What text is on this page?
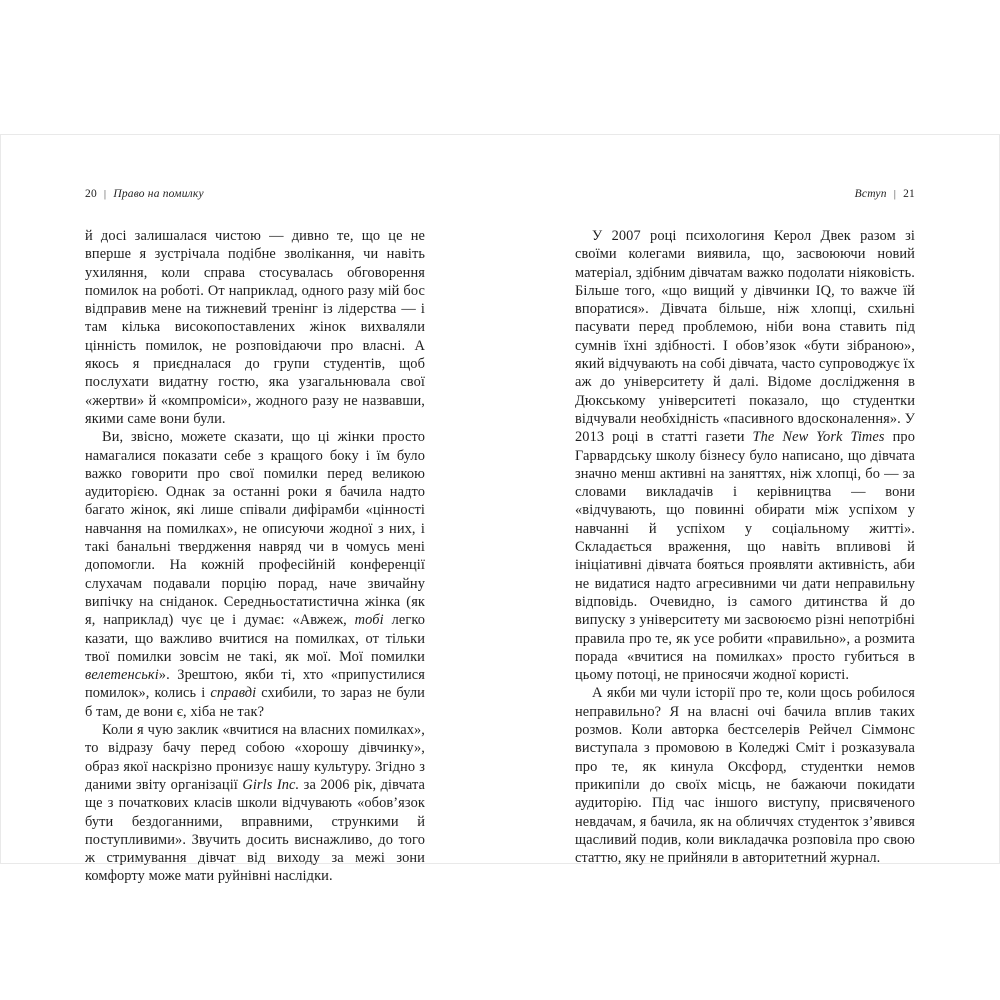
20 | Право на помилку

й досі залишалася чистою — дивно те, що це не вперше я зустрічала подібне зволікання, чи навіть ухиляння, коли справа стосувалась обговорення помилок на роботі. От наприклад, одного разу мій бос відправив мене на тижневий тренінг із лідерства — і там кілька високопоставлених жінок вихваляли цінність помилок, не розповідаючи про власні. А якось я приєдналася до групи студентів, щоб послухати видатну гостю, яка узагальнювала свої «жертви» й «компроміси», жодного разу не назвавши, якими саме вони були.

Ви, звісно, можете сказати, що ці жінки просто намагалися показати себе з кращого боку і їм було важко говорити про свої помилки перед великою аудиторією. Однак за останні роки я бачила надто багато жінок, які лише співали дифірамби «цінності навчання на помилках», не описуючи жодної з них, і такі банальні твердження навряд чи в чомусь мені допомогли. На кожній професійній конференції слухачам подавали порцію порад, наче звичайну випічку на сніданок. Середньостатистична жінка (як я, наприклад) чує це і думає: «Авжеж, тобі легко казати, що важливо вчитися на помилках, от тільки твої помилки зовсім не такі, як мої. Мої помилки велетенські». Зрештою, якби ті, хто «припустилися помилок», колись і справді схибили, то зараз не були б там, де вони є, хіба не так?

Коли я чую заклик «вчитися на власних помилках», то відразу бачу перед собою «хорошу дівчинку», образ якої наскрізно пронизує нашу культуру. Згідно з даними звіту організації Girls Inc. за 2006 рік, дівчата ще з початкових класів школи відчувають «обов’язок бути бездоганними, вправними, стрункими й поступливими». Звучить досить виснажливо, до того ж стримування дівчат від виходу за межі зони комфорту може мати руйнівні наслідки.

Вступ | 21

У 2007 році психологиня Керол Двек разом зі своїми колегами виявила, що, засвоюючи новий матеріал, здібним дівчатам важко подолати ніяковість. Більше того, «що вищий у дівчинки IQ, то важче їй впоратися». Дівчата більше, ніж хлопці, схильні пасувати перед проблемою, ніби вона ставить під сумнів їхні здібності. І обов’язок «бути зібраною», який відчувають на собі дівчата, часто супроводжує їх аж до університету й далі. Відоме дослідження в Дюкському університеті показало, що студентки відчували необхідність «пасивного вдосконалення». У 2013 році в статті газети The New York Times про Гарвардську школу бізнесу було написано, що дівчата значно менш активні на заняттях, ніж хлопці, бо — за словами викладачів і керівництва — вони «відчувають, що повинні обирати між успіхом у навчанні й успіхом у соціальному житті». Складається враження, що навіть впливові й ініціативні дівчата бояться проявляти активність, аби не видатися надто агресивними чи дати неправильну відповідь. Очевидно, із самого дитинства й до випуску з університету ми засвоюємо різні непотрібні правила про те, як усе робити «правильно», а розмита порада «вчитися на помилках» просто губиться в цьому потоці, не приносячи жодної користі.

А якби ми чули історії про те, коли щось робилося неправильно? Я на власні очі бачила вплив таких розмов. Коли авторка бестселерів Рейчел Сіммонс виступала з промовою в Коледжі Сміт і розказувала про те, як кинула Оксфорд, студентки немов прикипіли до своїх місць, не бажаючи покидати аудиторію. Під час іншого виступу, присвяченого невдачам, я бачила, як на обличчях студенток з’явився щасливий подив, коли викладачка розповіла про свою статтю, яку не прийняли в авторитетний журнал.
